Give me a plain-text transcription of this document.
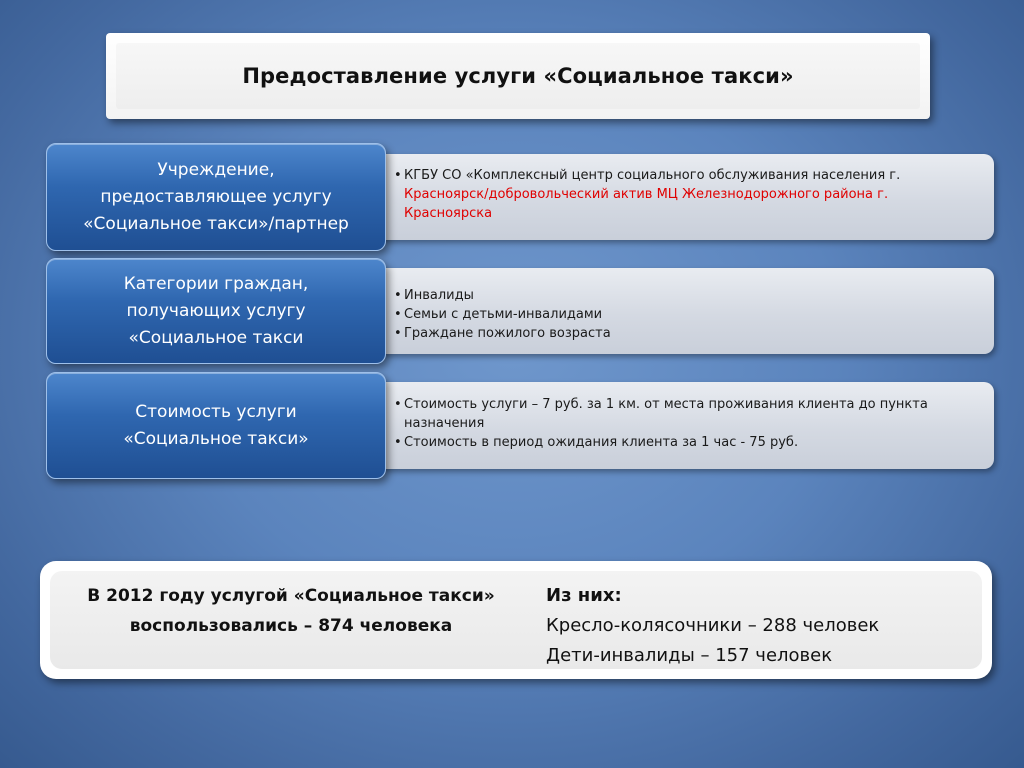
Предоставление услуги «Социальное такси»
• КГБУ СО «Комплексный центр социального обслуживания населения г. Красноярск/добровольческий актив МЦ Железнодорожного района г. Красноярска
Учреждение,
предоставляющее услугу
«Социальное такси»/партнер
• Инвалиды
• Семьи с детьми-инвалидами
• Граждане пожилого возраста
Категории граждан,
получающих услугу
«Социальное такси
• Стоимость услуги – 7 руб. за 1 км. от места проживания клиента до пункта назначения
• Стоимость в период ожидания клиента за 1 час - 75 руб.
Стоимость услуги
«Социальное такси»
В 2012 году услугой «Социальное такси»
воспользовались – 874 человека
Из них:
Кресло-колясочники – 288 человек
Дети-инвалиды – 157 человек
